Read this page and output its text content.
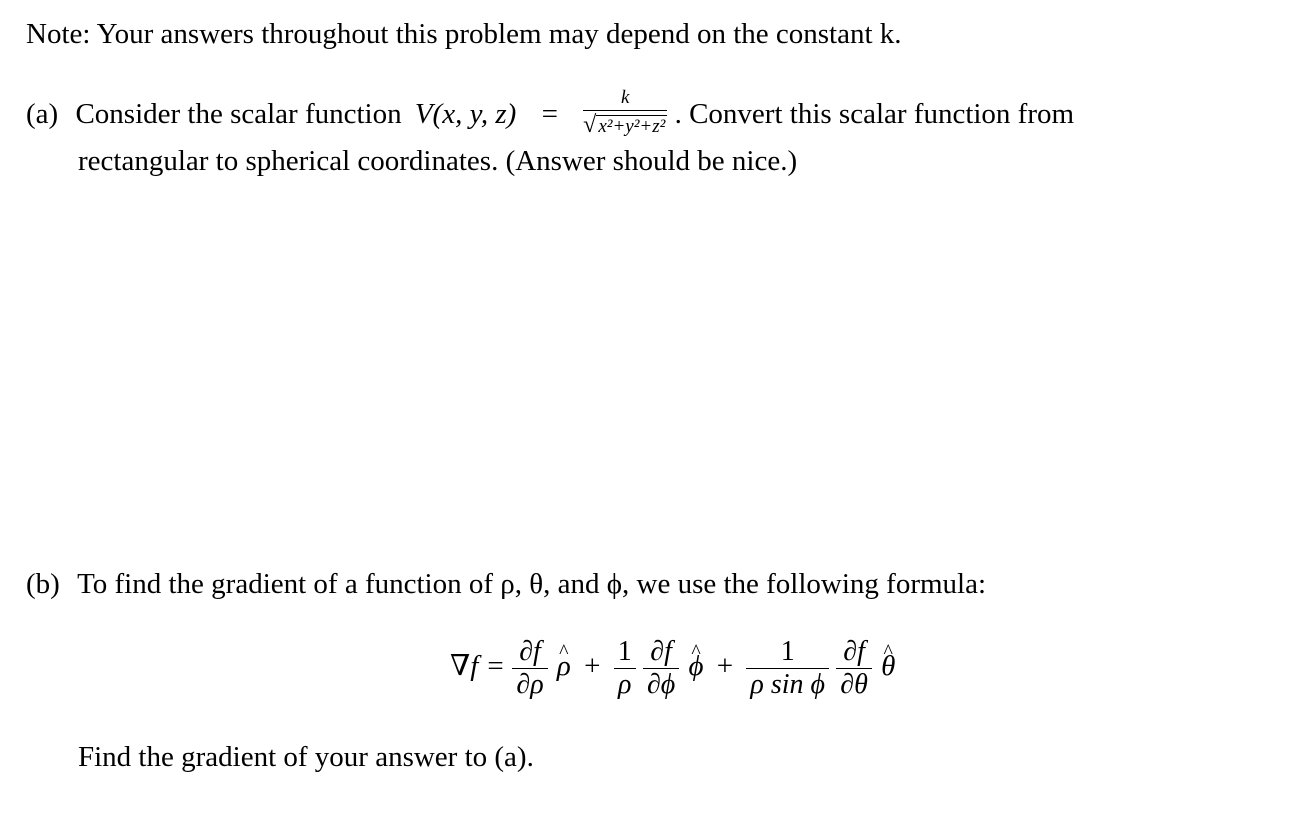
Note: Your answers throughout this problem may depend on the constant k.
(a) Consider the scalar function V(x, y, $z) = \frac{k}{\text{√ x²+y²+z²}}$ . Convert this scalar function from
rectangular to spherical coordinates. (Answer should be nice.)
(b) To find the gradient of a function of ρ, θ, and ϕ, we use the following formula:
$\nabla f = \frac{\partial f}{\partial\rho}$ ρ ^ + $\frac{1}{\rho}$
$\frac{\partial f}{\partial\phi}$ ϕ ^ + $\frac{1}{\text{ρ sin ϕ}}$
$\frac{\partial f}{\partial\theta}$ θ ^
Find the gradient of your answer to (a).
